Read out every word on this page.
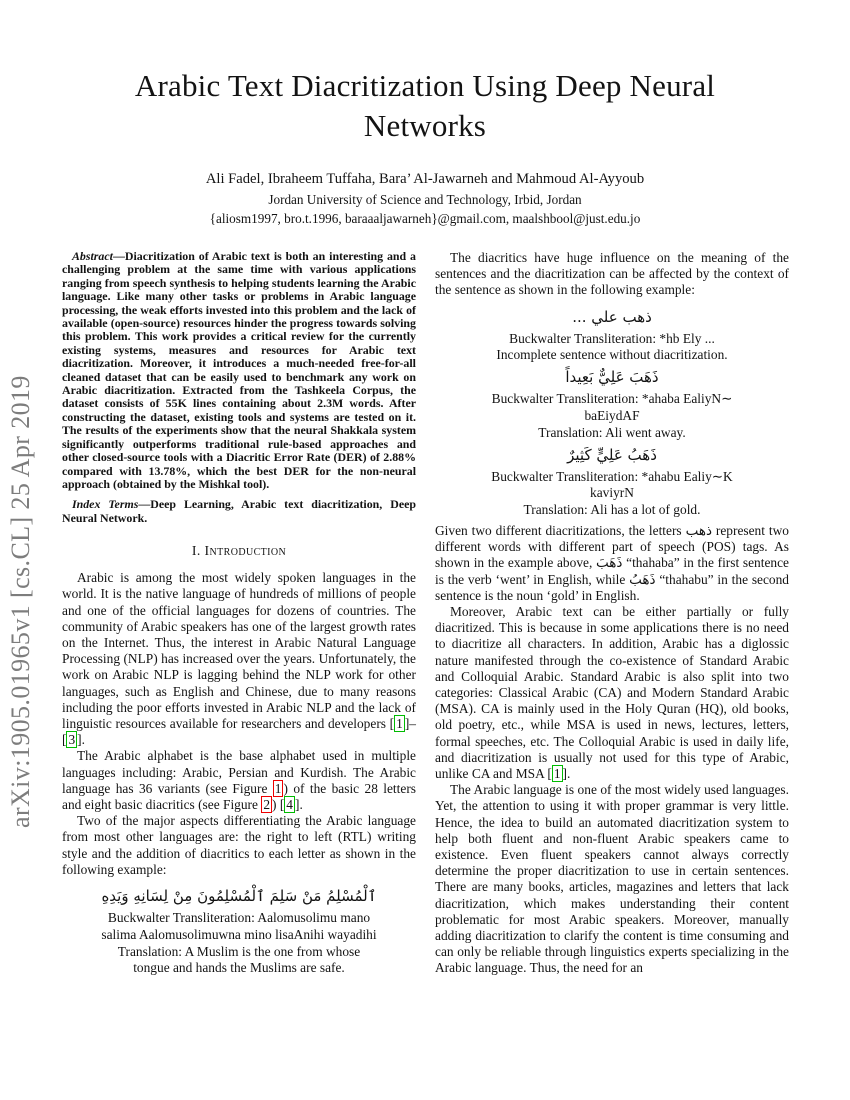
arXiv:1905.01965v1 [cs.CL] 25 Apr 2019
Arabic Text Diacritization Using Deep Neural Networks
Ali Fadel, Ibraheem Tuffaha, Bara’ Al-Jawarneh and Mahmoud Al-Ayyoub
Jordan University of Science and Technology, Irbid, Jordan
{aliosm1997, bro.t.1996, baraaaljawarneh}@gmail.com, maalshbool@just.edu.jo

Abstract—Diacritization of Arabic text is both an interesting and a challenging problem at the same time with various applications ranging from speech synthesis to helping students learning the Arabic language. Like many other tasks or problems in Arabic language processing, the weak efforts invested into this problem and the lack of available (open-source) resources hinder the progress towards solving this problem. This work provides a critical review for the currently existing systems, measures and resources for Arabic text diacritization. Moreover, it introduces a much-needed free-for-all cleaned dataset that can be easily used to benchmark any work on Arabic diacritization. Extracted from the Tashkeela Corpus, the dataset consists of 55K lines containing about 2.3M words. After constructing the dataset, existing tools and systems are tested on it. The results of the experiments show that the neural Shakkala system significantly outperforms traditional rule-based approaches and other closed-source tools with a Diacritic Error Rate (DER) of 2.88% compared with 13.78%, which the best DER for the non-neural approach (obtained by the Mishkal tool).

Index Terms—Deep Learning, Arabic text diacritization, Deep Neural Network.

I. Introduction

Arabic is among the most widely spoken languages in the world. It is the native language of hundreds of millions of people and one of the official languages for dozens of countries. The community of Arabic speakers has one of the largest growth rates on the Internet. Thus, the interest in Arabic Natural Language Processing (NLP) has increased over the years. Unfortunately, the work on Arabic NLP is lagging behind the NLP work for other languages, such as English and Chinese, due to many reasons including the poor efforts invested in Arabic NLP and the lack of linguistic resources available for researchers and developers [ 1 ]–[ 3 ].

The Arabic alphabet is the base alphabet used in multiple languages including: Arabic, Persian and Kurdish. The Arabic language has 36 variants (see Figure 1 ) of the basic 28 letters and eight basic diacritics (see Figure 2 ) [ 4 ].

Two of the major aspects differentiating the Arabic language from most other languages are: the right to left (RTL) writing style and the addition of diacritics to each letter as shown in the following example:

ٱلْمُسْلِمُ مَنْ سَلِمَ ٱلْمُسْلِمُونَ مِنْ لِسَانِهِ وَيَدِهِ
Buckwalter Transliteration: Aalomusolimu mano
salima Aalomusolimuwna mino lisaAnihi wayadihi
Translation: A Muslim is the one from whose
tongue and hands the Muslims are safe.

The diacritics have huge influence on the meaning of the sentences and the diacritization can be affected by the context of the sentence as shown in the following example:

ذهب علي ...
Buckwalter Transliteration: *hb Ely ...
Incomplete sentence without diacritization.
ذَهَبَ عَلِيٌّ بَعِيداً
Buckwalter Transliteration: *ahaba EaliyN∼
baEiydAF
Translation: Ali went away.
ذَهَبُ عَلِيٍّ كَثِيرٌ
Buckwalter Transliteration: *ahabu Ealiy∼K
kaviyrN
Translation: Ali has a lot of gold.

Given two different diacritizations, the letters ذهب represent two different words with different part of speech (POS) tags. As shown in the example above, ذَهَبَ “thahaba” in the first sentence is the verb ‘went’ in English, while ذَهَبُ “thahabu” in the second sentence is the noun ‘gold’ in English.

Moreover, Arabic text can be either partially or fully diacritized. This is because in some applications there is no need to diacritize all characters. In addition, Arabic has a diglossic nature manifested through the co-existence of Standard Arabic and Colloquial Arabic. Standard Arabic is also split into two categories: Classical Arabic (CA) and Modern Standard Arabic (MSA). CA is mainly used in the Holy Quran (HQ), old books, old poetry, etc., while MSA is used in news, lectures, letters, formal speeches, etc. The Colloquial Arabic is used in daily life, and diacritization is usually not used for this type of Arabic, unlike CA and MSA [ 1 ].

The Arabic language is one of the most widely used languages. Yet, the attention to using it with proper grammar is very little. Hence, the idea to build an automated diacritization system to help both fluent and non-fluent Arabic speakers came to existence. Even fluent speakers cannot always correctly determine the proper diacritization to use in certain sentences. There are many books, articles, magazines and letters that lack diacritization, which makes understanding their content problematic for most Arabic speakers. Moreover, manually adding diacritization to clarify the content is time consuming and can only be reliable through linguistics experts specializing in the Arabic language. Thus, the need for an
